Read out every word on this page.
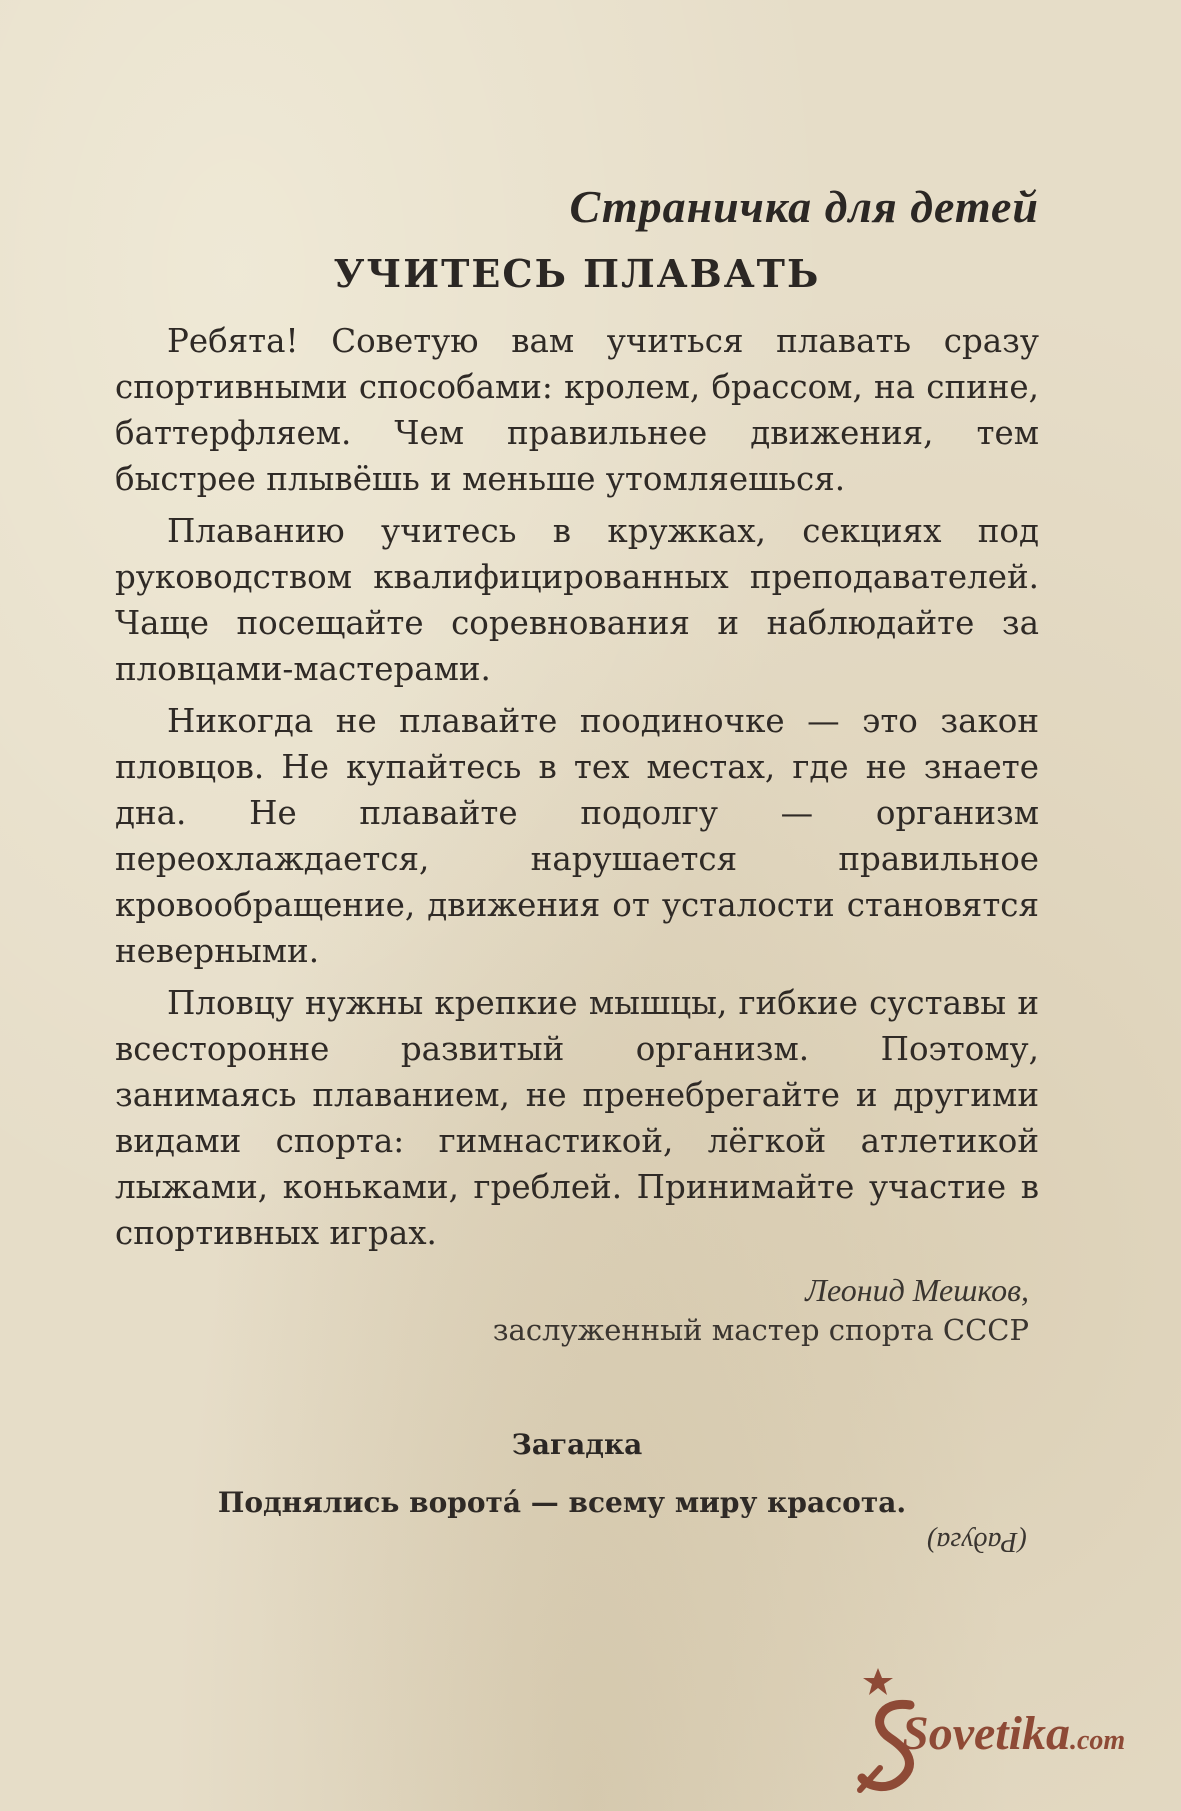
Страничка для детей
УЧИТЕСЬ ПЛАВАТЬ

Ребята! Советую вам учиться плавать сразу спортивными способами: кролем, брассом, на спине, баттерфляем. Чем правильнее движения, тем быстрее плывёшь и меньше утомляешься.

Плаванию учитесь в кружках, секциях под руководством квалифицированных преподавателей. Чаще посещайте соревнования и наблюдайте за пловцами-мастерами.

Никогда не плавайте поодиночке — это закон пловцов. Не купайтесь в тех местах, где не знаете дна. Не плавайте подолгу — организм переохлаждается, нарушается правильное кровообращение, движения от усталости становятся неверными.

Пловцу нужны крепкие мышцы, гибкие суставы и всесторонне развитый организм. Поэтому, занимаясь плаванием, не пренебрегайте и другими видами спорта: гимнастикой, лёгкой атлетикой лыжами, коньками, греблей. Принимайте участие в спортивных играх.

Леонид Мешков,
заслуженный мастер спорта СССР
Загадка
Поднялись ворота́ — всему миру красота.
(Радуга)
Sovetika.com
